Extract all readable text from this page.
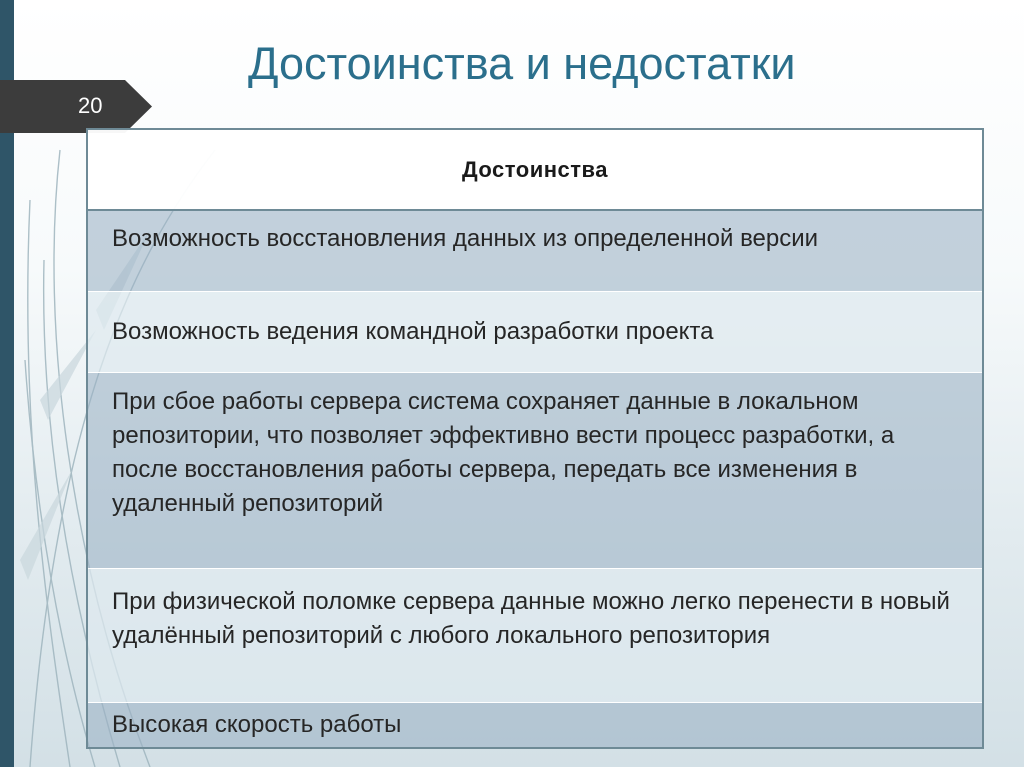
Достоинства и недостатки
20
Достоинства
Возможность восстановления данных из определенной версии
Возможность ведения командной разработки проекта
При сбое работы сервера система сохраняет данные в локальном репозитории, что позволяет эффективно вести процесс разработки, а после восстановления работы сервера, передать все изменения в удаленный репозиторий
При физической поломке сервера данные можно легко перенести в новый удалённый репозиторий с любого локального репозитория
Высокая скорость работы
